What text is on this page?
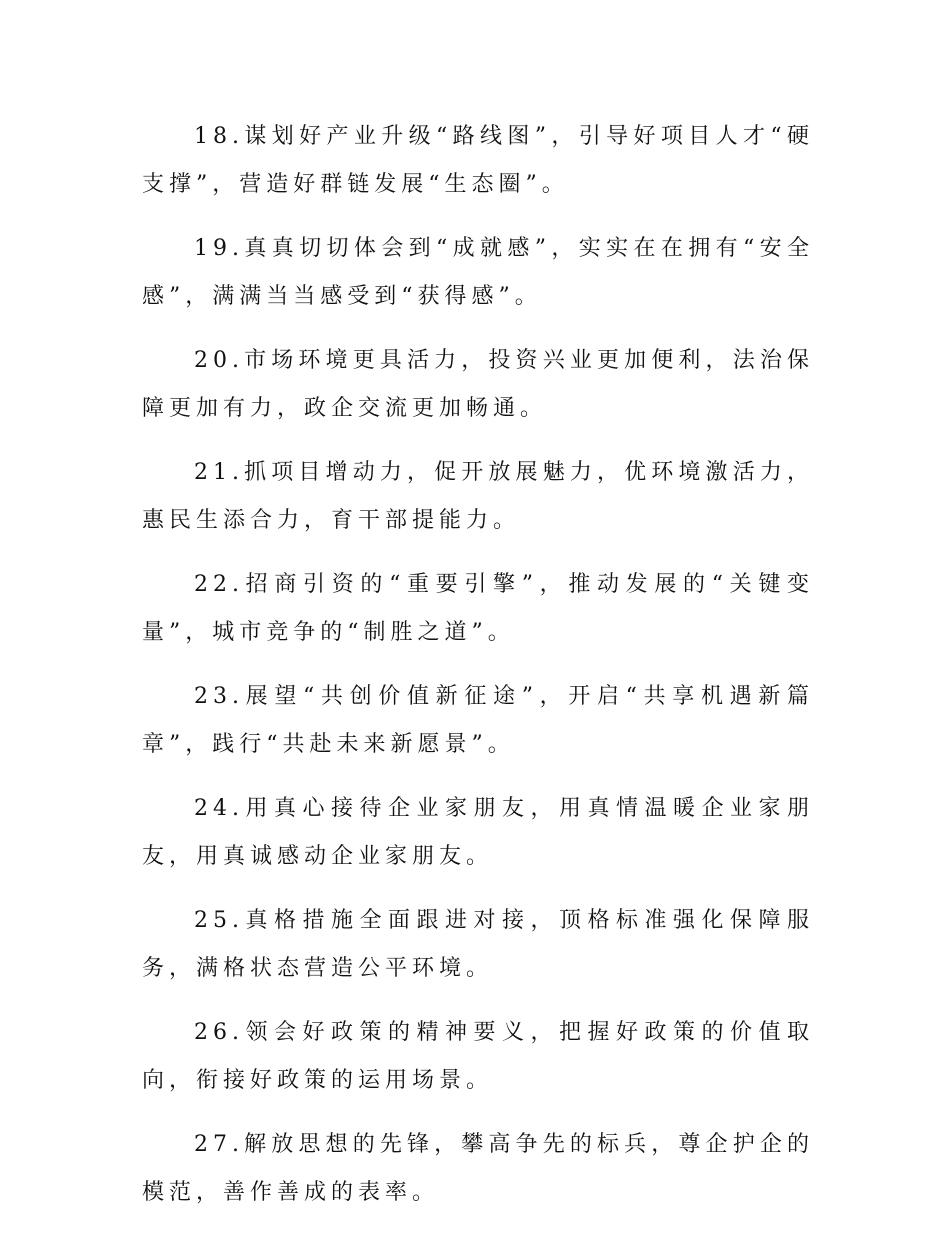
18.谋划好产业升级“路线图”，引导好项目人才“硬支撑”，营造好群链发展“生态圈”。

19.真真切切体会到“成就感”，实实在在拥有“安全感”，满满当当感受到“获得感”。

20.市场环境更具活力，投资兴业更加便利，法治保障更加有力，政企交流更加畅通。

21.抓项目增动力，促开放展魅力，优环境激活力，惠民生添合力，育干部提能力。

22.招商引资的“重要引擎”，推动发展的“关键变量”，城市竞争的“制胜之道”。

23.展望“共创价值新征途”，开启“共享机遇新篇章”，践行“共赴未来新愿景”。

24.用真心接待企业家朋友，用真情温暖企业家朋友，用真诚感动企业家朋友。

25.真格措施全面跟进对接，顶格标准强化保障服务，满格状态营造公平环境。

26.领会好政策的精神要义，把握好政策的价值取向，衔接好政策的运用场景。

27.解放思想的先锋，攀高争先的标兵，尊企护企的模范，善作善成的表率。
